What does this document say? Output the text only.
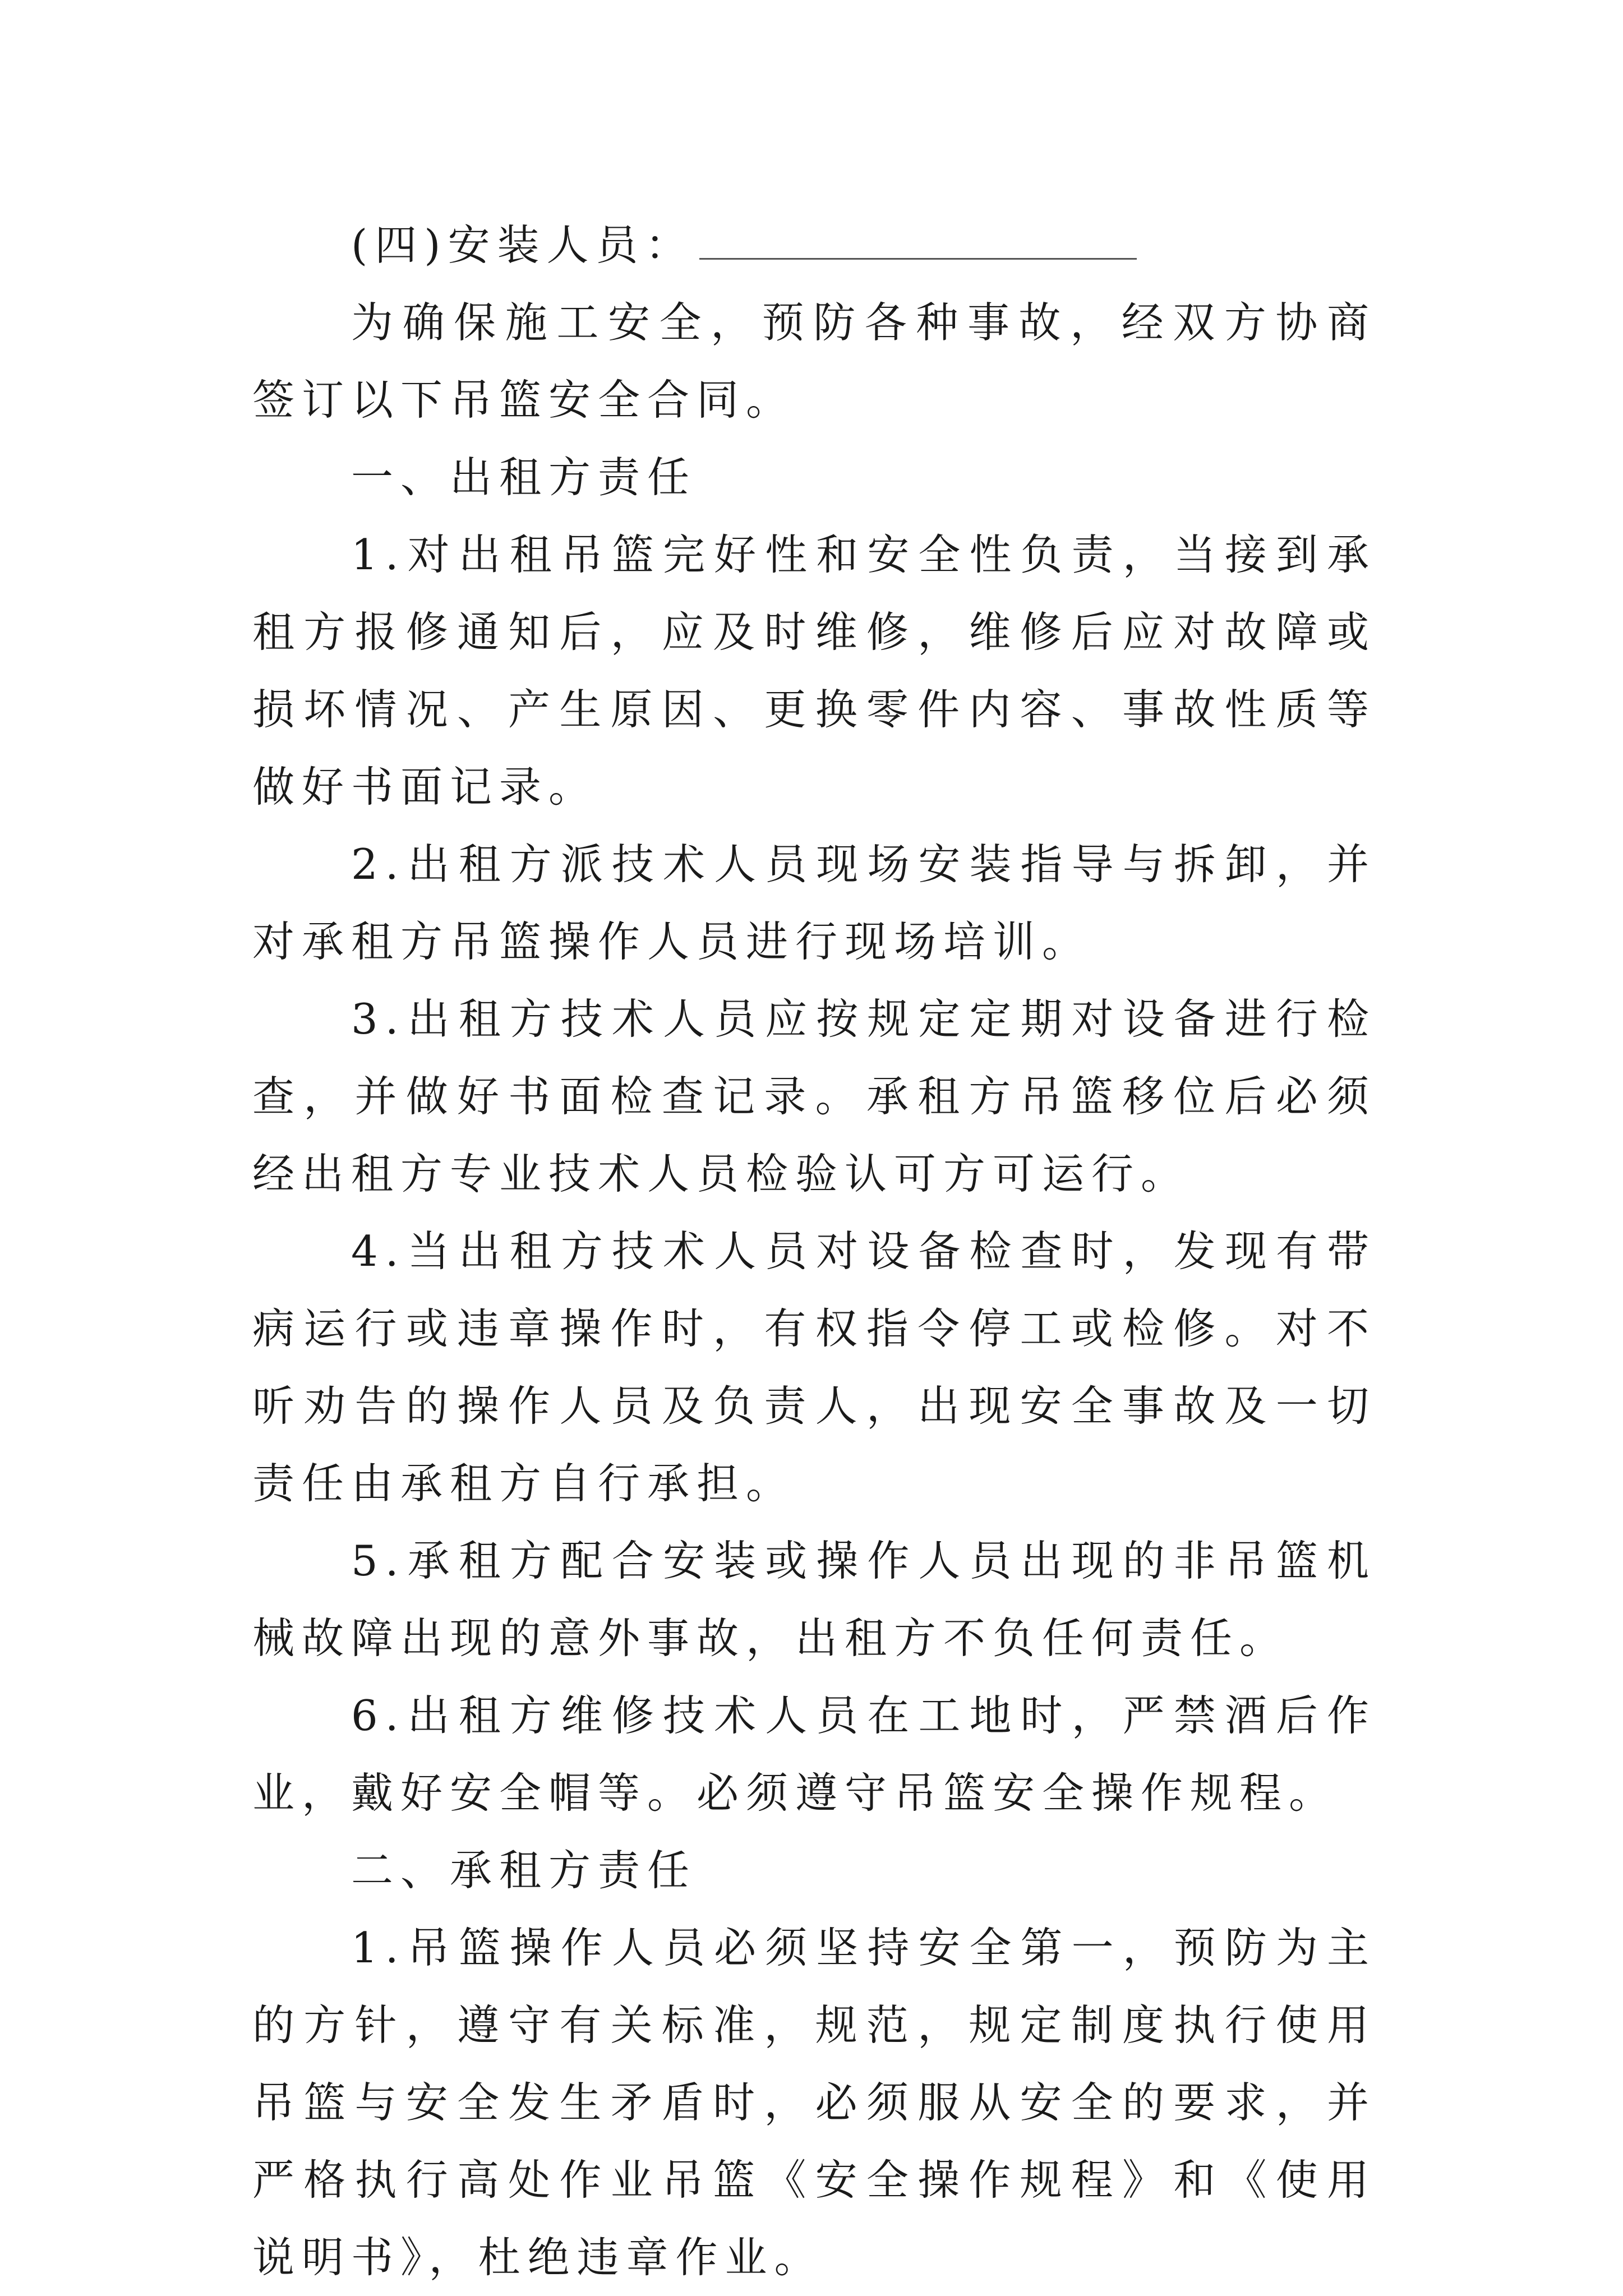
(四)安装人员：

为确保施工安全，预防各种事故，经双方协商签订以下吊篮安全合同。

一、出租方责任

1.对出租吊篮完好性和安全性负责，当接到承租方报修通知后，应及时维修，维修后应对故障或损坏情况、产生原因、更换零件内容、事故性质等做好书面记录。

2.出租方派技术人员现场安装指导与拆卸，并对承租方吊篮操作人员进行现场培训。

3.出租方技术人员应按规定定期对设备进行检查，并做好书面检查记录。承租方吊篮移位后必须经出租方专业技术人员检验认可方可运行。

4.当出租方技术人员对设备检查时，发现有带病运行或违章操作时，有权指令停工或检修。对不听劝告的操作人员及负责人，出现安全事故及一切责任由承租方自行承担。

5.承租方配合安装或操作人员出现的非吊篮机械故障出现的意外事故，出租方不负任何责任。

6.出租方维修技术人员在工地时，严禁酒后作业，戴好安全帽等。必须遵守吊篮安全操作规程。

二、承租方责任

1.吊篮操作人员必须坚持安全第一，预防为主的方针，遵守有关标准，规范，规定制度执行使用吊篮与安全发生矛盾时，必须服从安全的要求，并严格执行高处作业吊篮《安全操作规程》和《使用说明书》，杜绝违章作业。
